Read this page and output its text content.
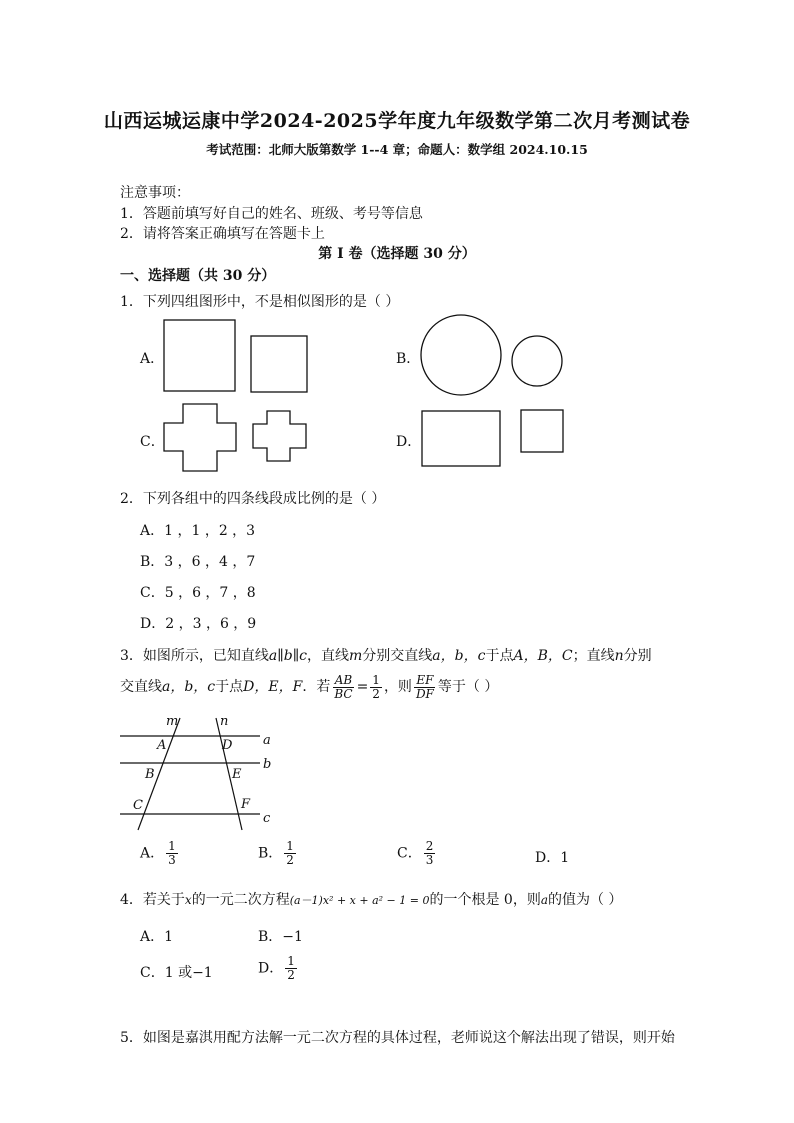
山西运城运康中学2024-2025学年度九年级数学第二次月考测试卷
考试范围：北师大版第数学 1--4 章；命题人：数学组 2024.10.15
注意事项：
1．答题前填写好自己的姓名、班级、考号等信息
2．请将答案正确填写在答题卡上
第 I 卷（选择题 30 分）
一、选择题（共 30 分）
1．下列四组图形中，不是相似图形的是（ ）
A．	B．
C．	D．
2．下列各组中的四条线段成比例的是（ ）
A．1 ，1 ，2 ，3
B．3 ，6 ，4 ，7
C．5 ，6 ，7 ，8
D．2 ，3 ，6 ，9
3．如图所示，已知直线a∥b∥c，直线m分别交直线a，b，c于点A，B，C；直线n分别
交直线a，b，c于点D，E，F．若 $\frac{AB}{BC} = \frac{1}{2}$ ，则 $\frac{EF}{DF}$ 等于（ ）
m	n
A	D a
B	E
b
C	F
c
A． $\frac{1}{3}$	B． $\frac{1}{2}$	C． $\frac{2}{3}$	D．1
4．若关于x的一元二次方程(a－1)x² + x + a² − 1 = 0的一个根是 0，则a的值为（ ）
A．1	B．−1
C．1 或−1	D． $\frac{1}{2}$
5．如图是嘉淇用配方法解一元二次方程的具体过程，老师说这个解法出现了错误，则开始
